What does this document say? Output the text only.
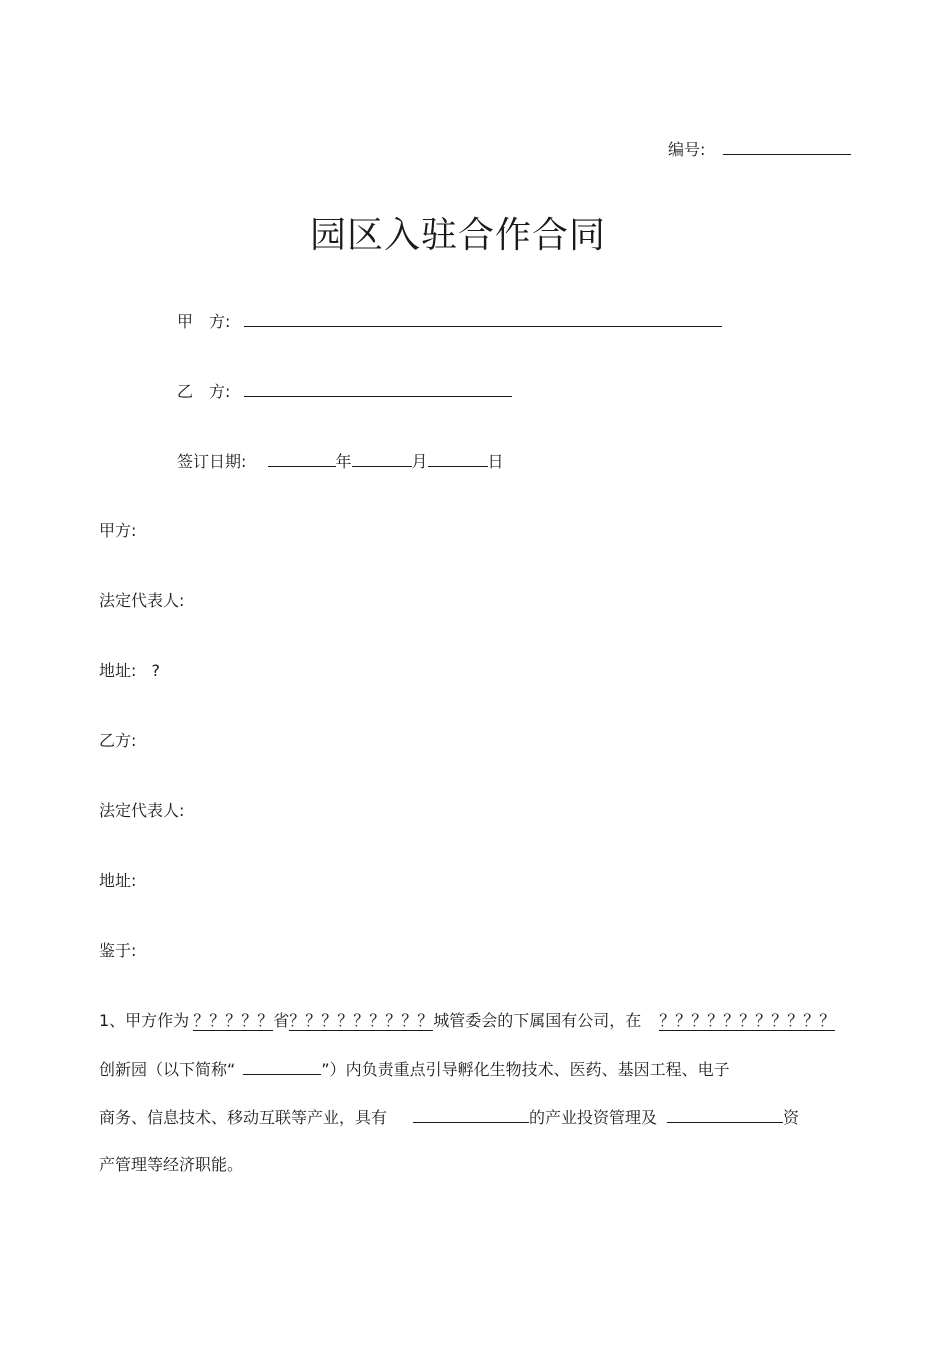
编号:
园区入驻合作合同
甲　方:
乙　方:
签订日期:	年	月	日
甲方:
法定代表人:
地址: ?
乙方:
法定代表人:
地址:
鉴于:
1、甲方作为 ？？？？？省？？？？？？？？？城管委会的下属国有公司，在 ？？？？？？？？？？？
创新园（以下简称“	”）内负责重点引导孵化生物技术、医药、基因工程、电子
商务、信息技术、移动互联等产业，具有	的产业投资管理及	资
产管理等经济职能。
